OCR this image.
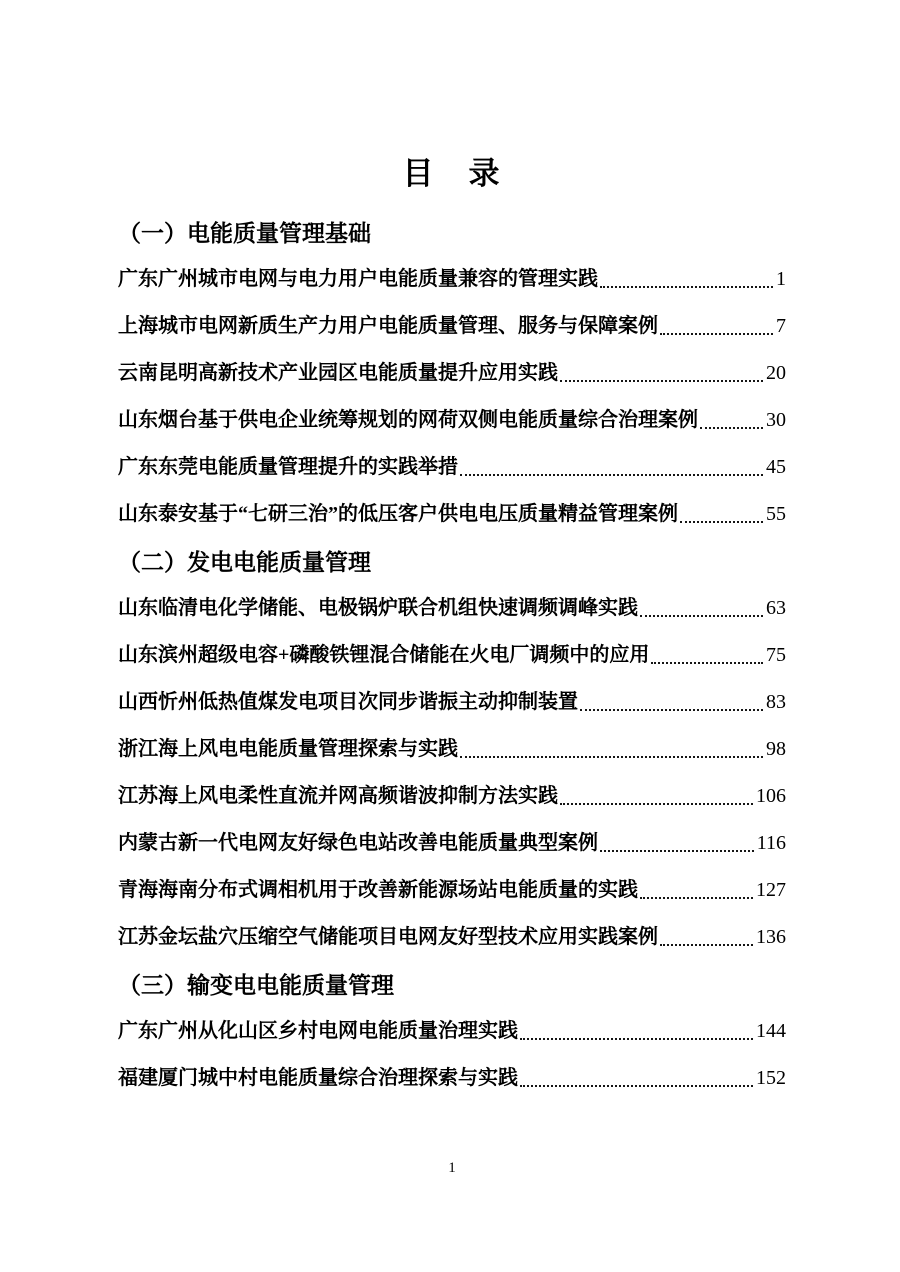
目　录
（一）电能质量管理基础
广东广州城市电网与电力用户电能质量兼容的管理实践	1
上海城市电网新质生产力用户电能质量管理、服务与保障案例	7
云南昆明高新技术产业园区电能质量提升应用实践	20
山东烟台基于供电企业统筹规划的网荷双侧电能质量综合治理案例	30
广东东莞电能质量管理提升的实践举措	45
山东泰安基于“七研三治”的低压客户供电电压质量精益管理案例	55
（二）发电电能质量管理
山东临清电化学储能、电极锅炉联合机组快速调频调峰实践	63
山东滨州超级电容+磷酸铁锂混合储能在火电厂调频中的应用	75
山西忻州低热值煤发电项目次同步谐振主动抑制装置	83
浙江海上风电电能质量管理探索与实践	98
江苏海上风电柔性直流并网高频谐波抑制方法实践	106
内蒙古新一代电网友好绿色电站改善电能质量典型案例	116
青海海南分布式调相机用于改善新能源场站电能质量的实践	127
江苏金坛盐穴压缩空气储能项目电网友好型技术应用实践案例	136
（三）输变电电能质量管理
广东广州从化山区乡村电网电能质量治理实践	144
福建厦门城中村电能质量综合治理探索与实践	152
1
